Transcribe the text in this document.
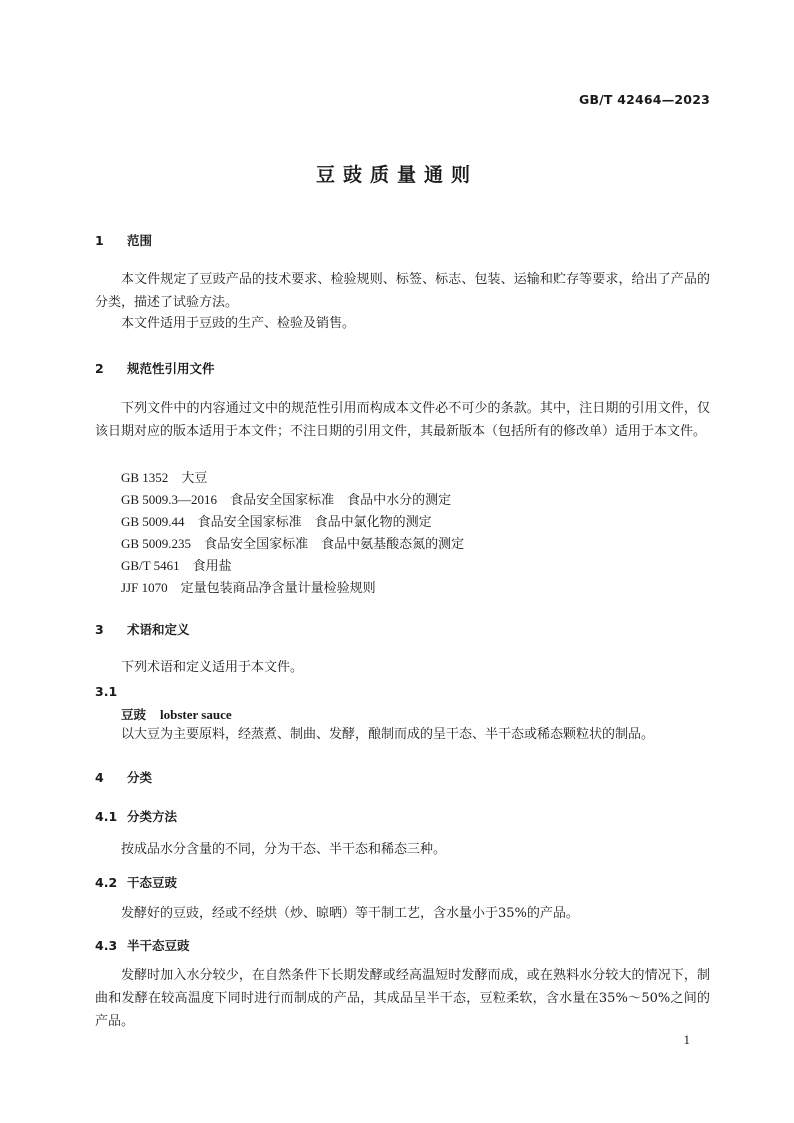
GB/T 42464—2023
豆豉质量通则
1 范围

本文件规定了豆豉产品的技术要求、检验规则、标签、标志、包装、运输和贮存等要求，给出了产品的分类，描述了试验方法。

本文件适用于豆豉的生产、检验及销售。

2 规范性引用文件

下列文件中的内容通过文中的规范性引用而构成本文件必不可少的条款。其中，注日期的引用文件，仅该日期对应的版本适用于本文件；不注日期的引用文件，其最新版本（包括所有的修改单）适用于本文件。

GB 1352　 大豆
GB 5009.3—2016　 食品安全国家标准　食品中水分的测定
GB 5009.44　 食品安全国家标准　食品中氯化物的测定
GB 5009.235　 食品安全国家标准　食品中氨基酸态氮的测定
GB/T 5461　 食用盐
JJF 1070　 定量包装商品净含量计量检验规则
3 术语和定义

下列术语和定义适用于本文件。

3.1
豆豉 lobster sauce

以大豆为主要原料，经蒸煮、制曲、发酵，酿制而成的呈干态、半干态或稀态颗粒状的制品。

4 分类
4.1 分类方法

按成品水分含量的不同，分为干态、半干态和稀态三种。

4.2 干态豆豉

发酵好的豆豉，经或不经烘（炒、晾晒）等干制工艺，含水量小于35%的产品。

4.3 半干态豆豉

发酵时加入水分较少，在自然条件下长期发酵或经高温短时发酵而成，或在熟料水分较大的情况下，制曲和发酵在较高温度下同时进行而制成的产品，其成品呈半干态，豆粒柔软，含水量在35%～50%之间的产品。

1
